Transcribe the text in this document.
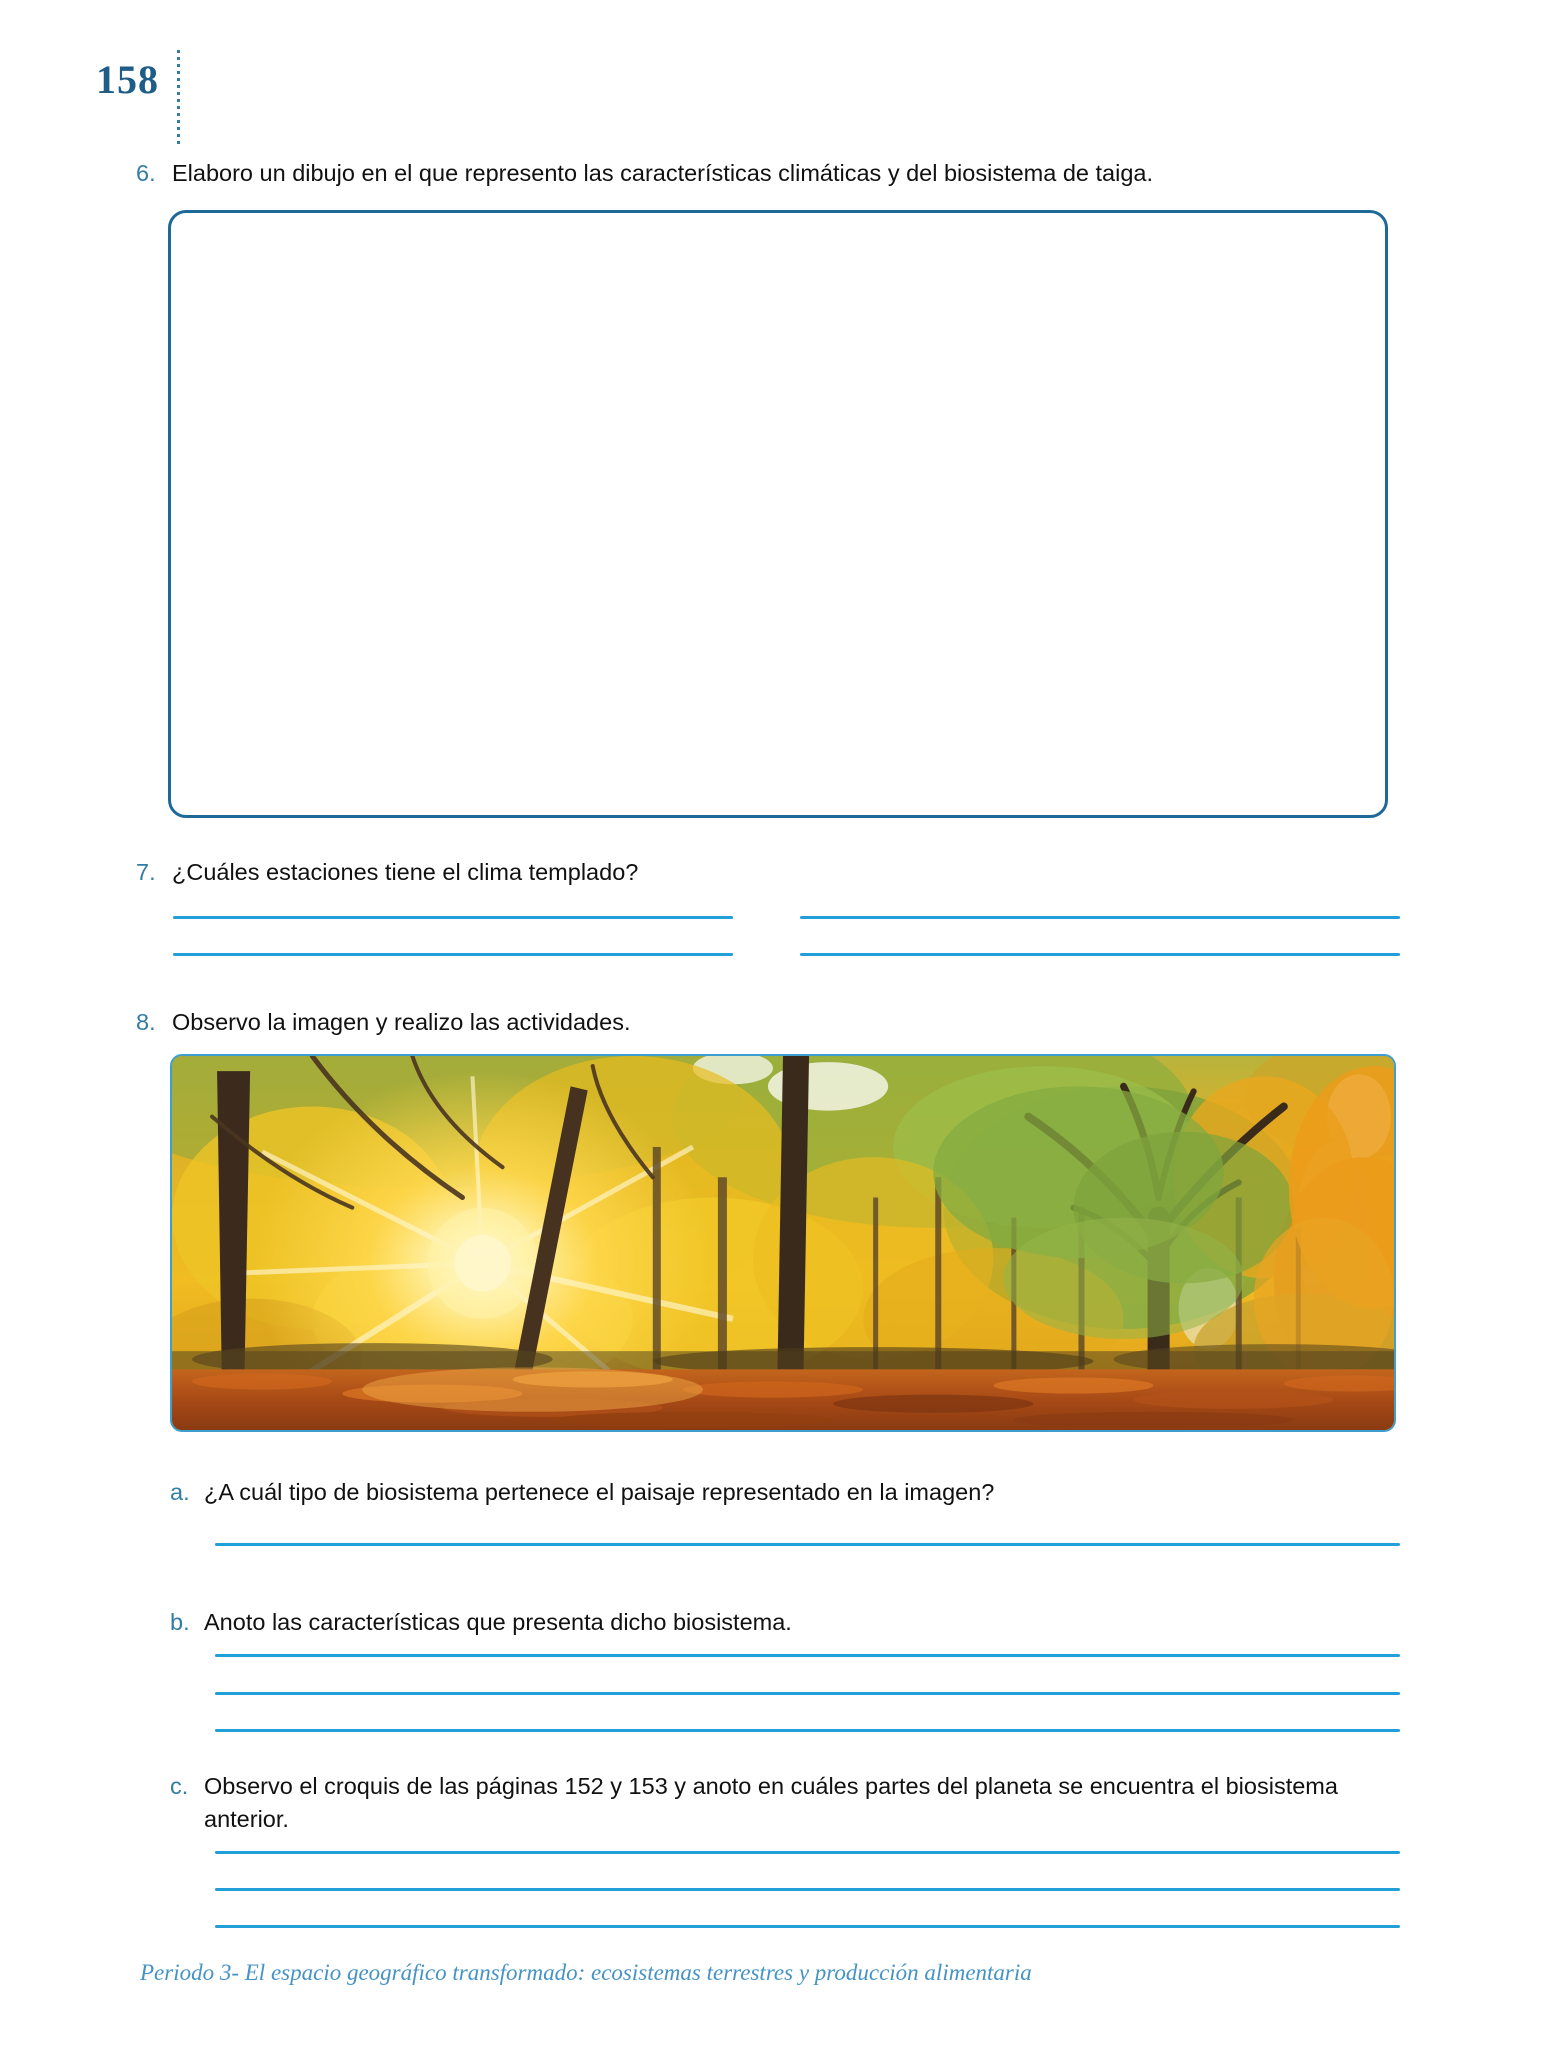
158
6. Elaboro un dibujo en el que represento las características climáticas y del biosistema de taiga.
7. ¿Cuáles estaciones tiene el clima templado?
8. Observo la imagen y realizo las actividades.
a. ¿A cuál tipo de biosistema pertenece el paisaje representado en la imagen?
b. Anoto las características que presenta dicho biosistema.
c. Observo el croquis de las páginas 152 y 153 y anoto en cuáles partes del planeta se encuentra el biosistema anterior.
Periodo 3- El espacio geográfico transformado: ecosistemas terrestres y producción alimentaria
